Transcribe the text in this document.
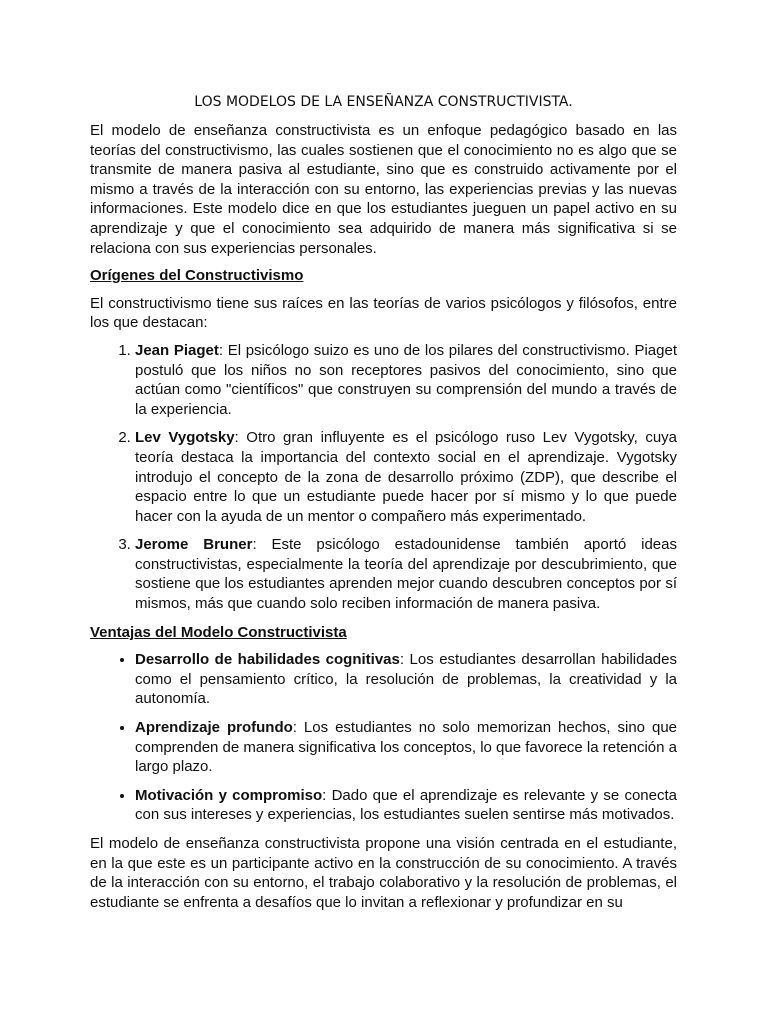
LOS MODELOS DE LA ENSEÑANZA CONSTRUCTIVISTA.

El modelo de enseñanza constructivista es un enfoque pedagógico basado en las teorías del constructivismo, las cuales sostienen que el conocimiento no es algo que se transmite de manera pasiva al estudiante, sino que es construido activamente por el mismo a través de la interacción con su entorno, las experiencias previas y las nuevas informaciones. Este modelo dice en que los estudiantes jueguen un papel activo en su aprendizaje y que el conocimiento sea adquirido de manera más significativa si se relaciona con sus experiencias personales.

Orígenes del Constructivismo

El constructivismo tiene sus raíces en las teorías de varios psicólogos y filósofos, entre los que destacan:

1. Jean Piaget: El psicólogo suizo es uno de los pilares del constructivismo. Piaget postuló que los niños no son receptores pasivos del conocimiento, sino que actúan como "científicos" que construyen su comprensión del mundo a través de la experiencia.
2. Lev Vygotsky: Otro gran influyente es el psicólogo ruso Lev Vygotsky, cuya teoría destaca la importancia del contexto social en el aprendizaje. Vygotsky introdujo el concepto de la zona de desarrollo próximo (ZDP), que describe el espacio entre lo que un estudiante puede hacer por sí mismo y lo que puede hacer con la ayuda de un mentor o compañero más experimentado.
3. Jerome Bruner: Este psicólogo estadounidense también aportó ideas constructivistas, especialmente la teoría del aprendizaje por descubrimiento, que sostiene que los estudiantes aprenden mejor cuando descubren conceptos por sí mismos, más que cuando solo reciben información de manera pasiva.
Ventajas del Modelo Constructivista
• Desarrollo de habilidades cognitivas: Los estudiantes desarrollan habilidades como el pensamiento crítico, la resolución de problemas, la creatividad y la autonomía.
• Aprendizaje profundo: Los estudiantes no solo memorizan hechos, sino que comprenden de manera significativa los conceptos, lo que favorece la retención a largo plazo.
• Motivación y compromiso: Dado que el aprendizaje es relevante y se conecta con sus intereses y experiencias, los estudiantes suelen sentirse más motivados.

El modelo de enseñanza constructivista propone una visión centrada en el estudiante, en la que este es un participante activo en la construcción de su conocimiento. A través de la interacción con su entorno, el trabajo colaborativo y la resolución de problemas, el estudiante se enfrenta a desafíos que lo invitan a reflexionar y profundizar en su
